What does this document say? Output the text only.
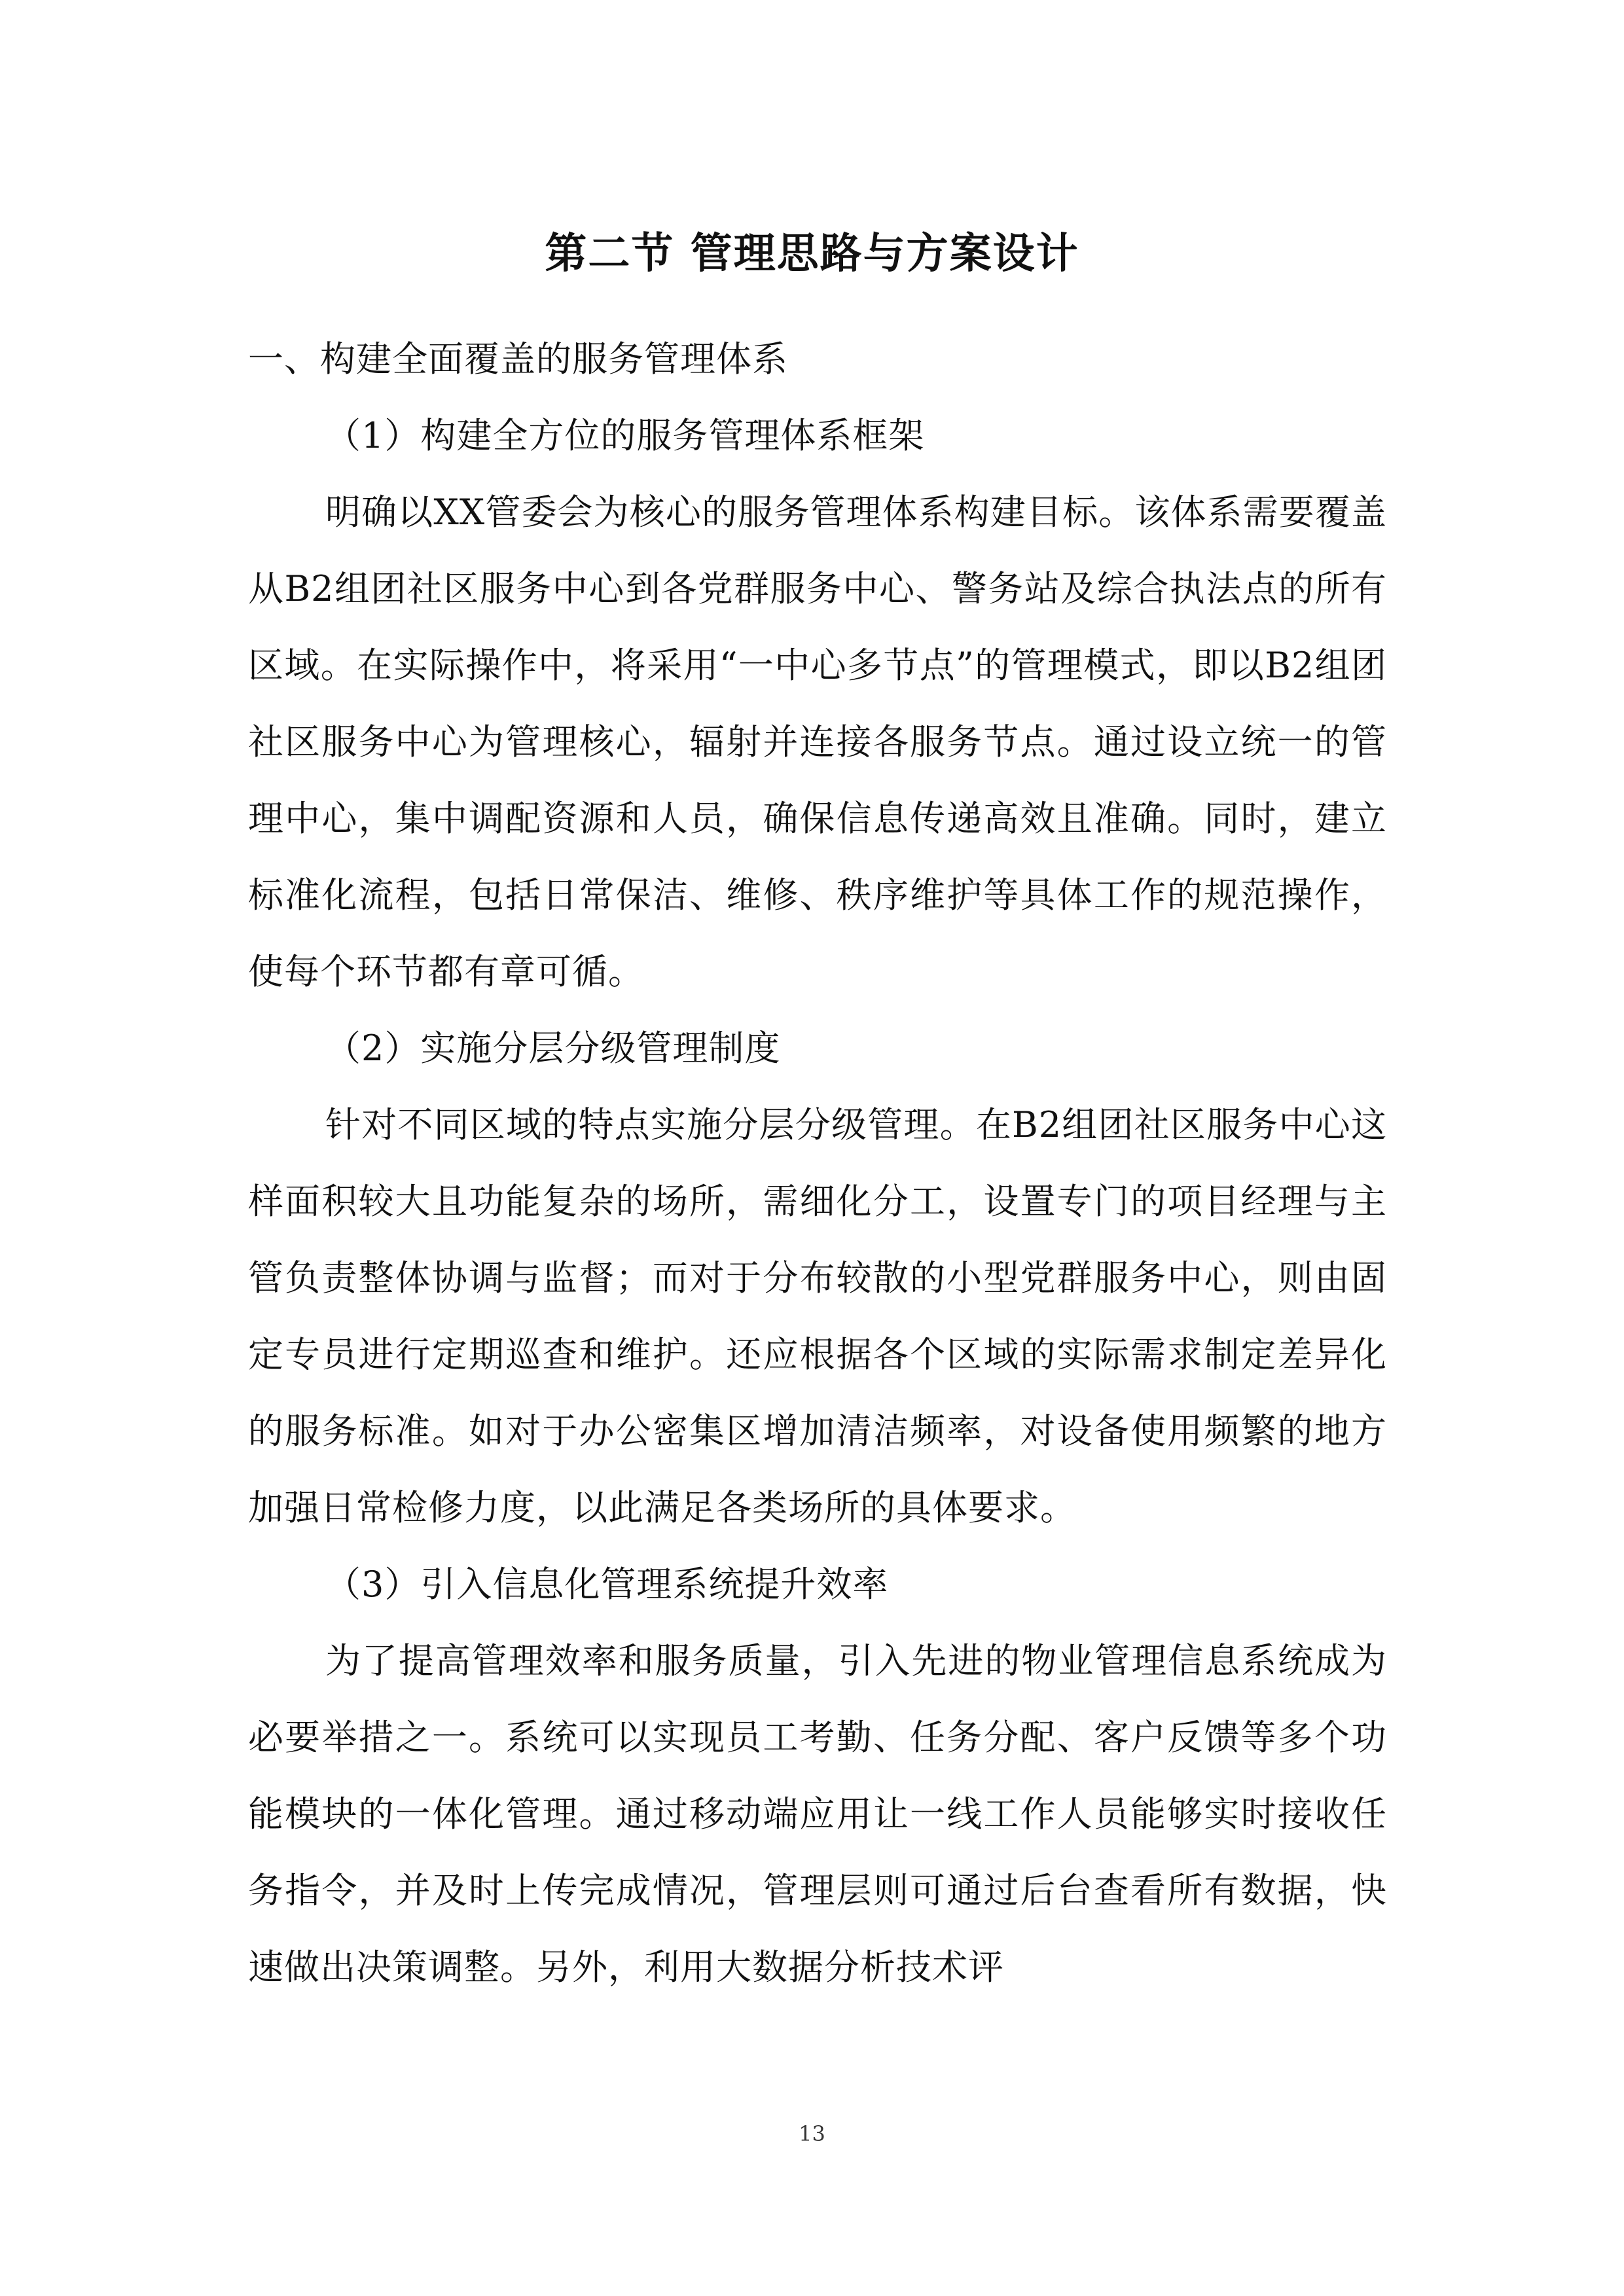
第二节 管理思路与方案设计

一、构建全面覆盖的服务管理体系

（1）构建全方位的服务管理体系框架

明确以XX管委会为核心的服务管理体系构建目标。该体系需要覆盖从B2组团社区服务中心到各党群服务中心、警务站及综合执法点的所有区域。在实际操作中，将采用“一中心多节点”的管理模式，即以B2组团社区服务中心为管理核心，辐射并连接各服务节点。通过设立统一的管理中心，集中调配资源和人员，确保信息传递高效且准确。同时，建立标准化流程，包括日常保洁、维修、秩序维护等具体工作的规范操作，使每个环节都有章可循。

（2）实施分层分级管理制度

针对不同区域的特点实施分层分级管理。在B2组团社区服务中心这样面积较大且功能复杂的场所，需细化分工，设置专门的项目经理与主管负责整体协调与监督；而对于分布较散的小型党群服务中心，则由固定专员进行定期巡查和维护。还应根据各个区域的实际需求制定差异化的服务标准。如对于办公密集区增加清洁频率，对设备使用频繁的地方加强日常检修力度，以此满足各类场所的具体要求。

（3）引入信息化管理系统提升效率

为了提高管理效率和服务质量，引入先进的物业管理信息系统成为必要举措之一。系统可以实现员工考勤、任务分配、客户反馈等多个功能模块的一体化管理。通过移动端应用让一线工作人员能够实时接收任务指令，并及时上传完成情况，管理层则可通过后台查看所有数据，快速做出决策调整。另外，利用大数据分析技术评

13
